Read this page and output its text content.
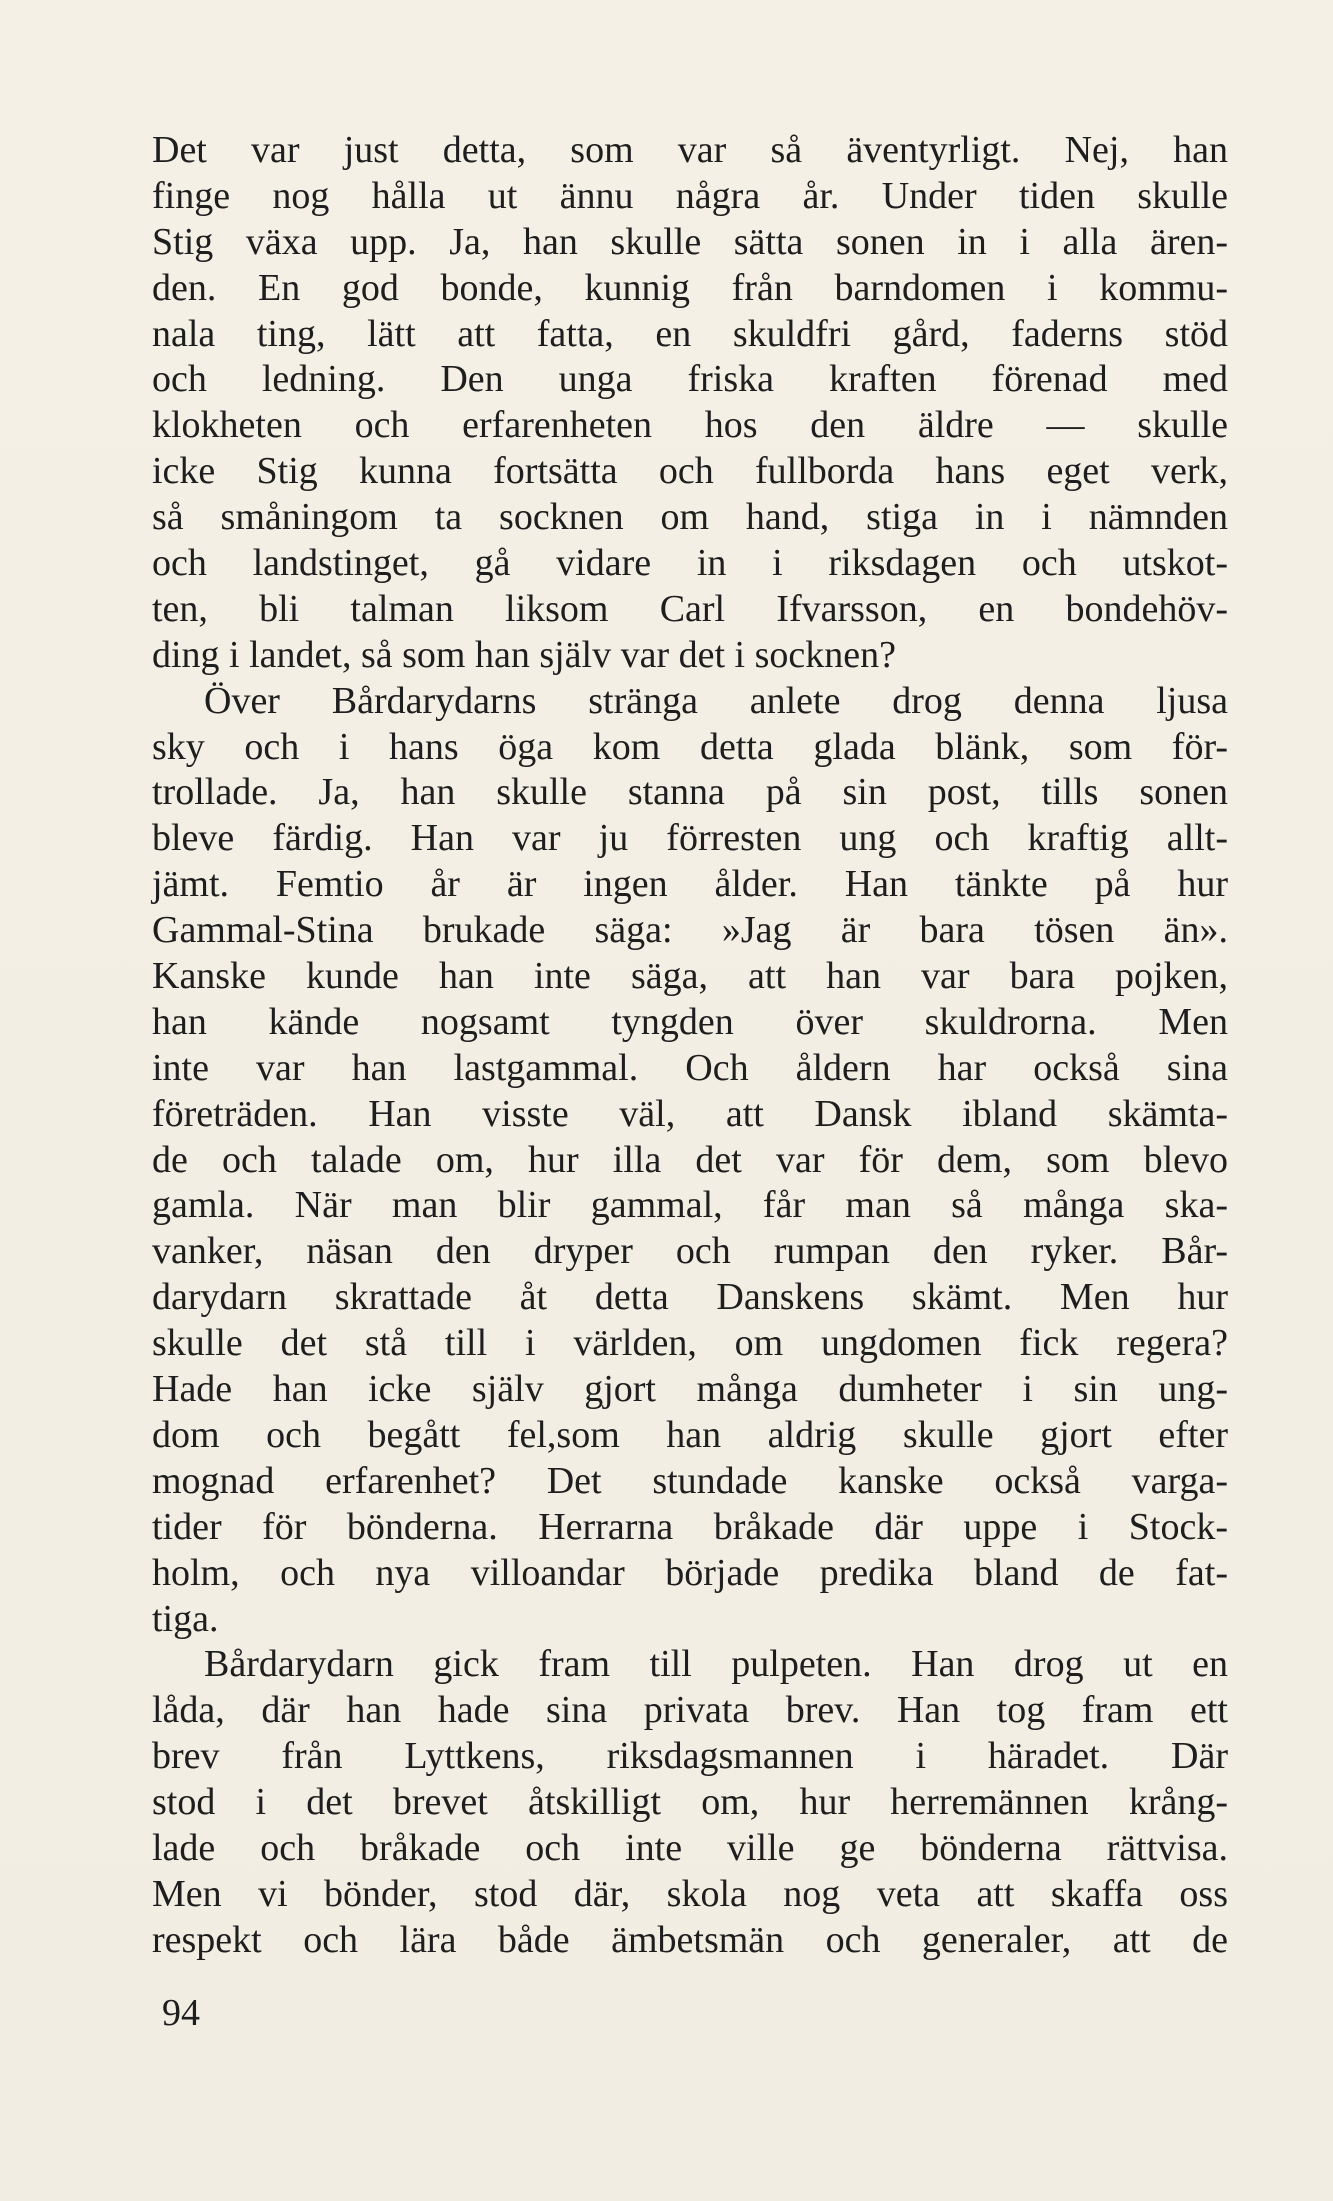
Det var just detta, som var så äventyrligt. Nej, han
finge nog hålla ut ännu några år. Under tiden skulle
Stig växa upp. Ja, han skulle sätta sonen in i alla ären-
den. En god bonde, kunnig från barndomen i kommu-
nala ting, lätt att fatta, en skuldfri gård, faderns stöd
och ledning. Den unga friska kraften förenad med
klokheten och erfarenheten hos den äldre — skulle
icke Stig kunna fortsätta och fullborda hans eget verk,
så småningom ta socknen om hand, stiga in i nämnden
och landstinget, gå vidare in i riksdagen och utskot-
ten, bli talman liksom Carl Ifvarsson, en bondehöv-
ding i landet, så som han själv var det i socknen?
Över Bårdarydarns stränga anlete drog denna ljusa
sky och i hans öga kom detta glada blänk, som för-
trollade. Ja, han skulle stanna på sin post, tills sonen
bleve färdig. Han var ju förresten ung och kraftig allt-
jämt. Femtio år är ingen ålder. Han tänkte på hur
Gammal-Stina brukade säga: »Jag är bara tösen än».
Kanske kunde han inte säga, att han var bara pojken,
han kände nogsamt tyngden över skuldrorna. Men
inte var han lastgammal. Och åldern har också sina
företräden. Han visste väl, att Dansk ibland skämta-
de och talade om, hur illa det var för dem, som blevo
gamla. När man blir gammal, får man så många ska-
vanker, näsan den dryper och rumpan den ryker. Bår-
darydarn skrattade åt detta Danskens skämt. Men hur
skulle det stå till i världen, om ungdomen fick regera?
Hade han icke själv gjort många dumheter i sin ung-
dom och begått fel,som han aldrig skulle gjort efter
mognad erfarenhet? Det stundade kanske också varga-
tider för bönderna. Herrarna bråkade där uppe i Stock-
holm, och nya villoandar började predika bland de fat-
tiga.
Bårdarydarn gick fram till pulpeten. Han drog ut en
låda, där han hade sina privata brev. Han tog fram ett
brev från Lyttkens, riksdagsmannen i häradet. Där
stod i det brevet åtskilligt om, hur herremännen krång-
lade och bråkade och inte ville ge bönderna rättvisa.
Men vi bönder, stod där, skola nog veta att skaffa oss
respekt och lära både ämbetsmän och generaler, att de
94
